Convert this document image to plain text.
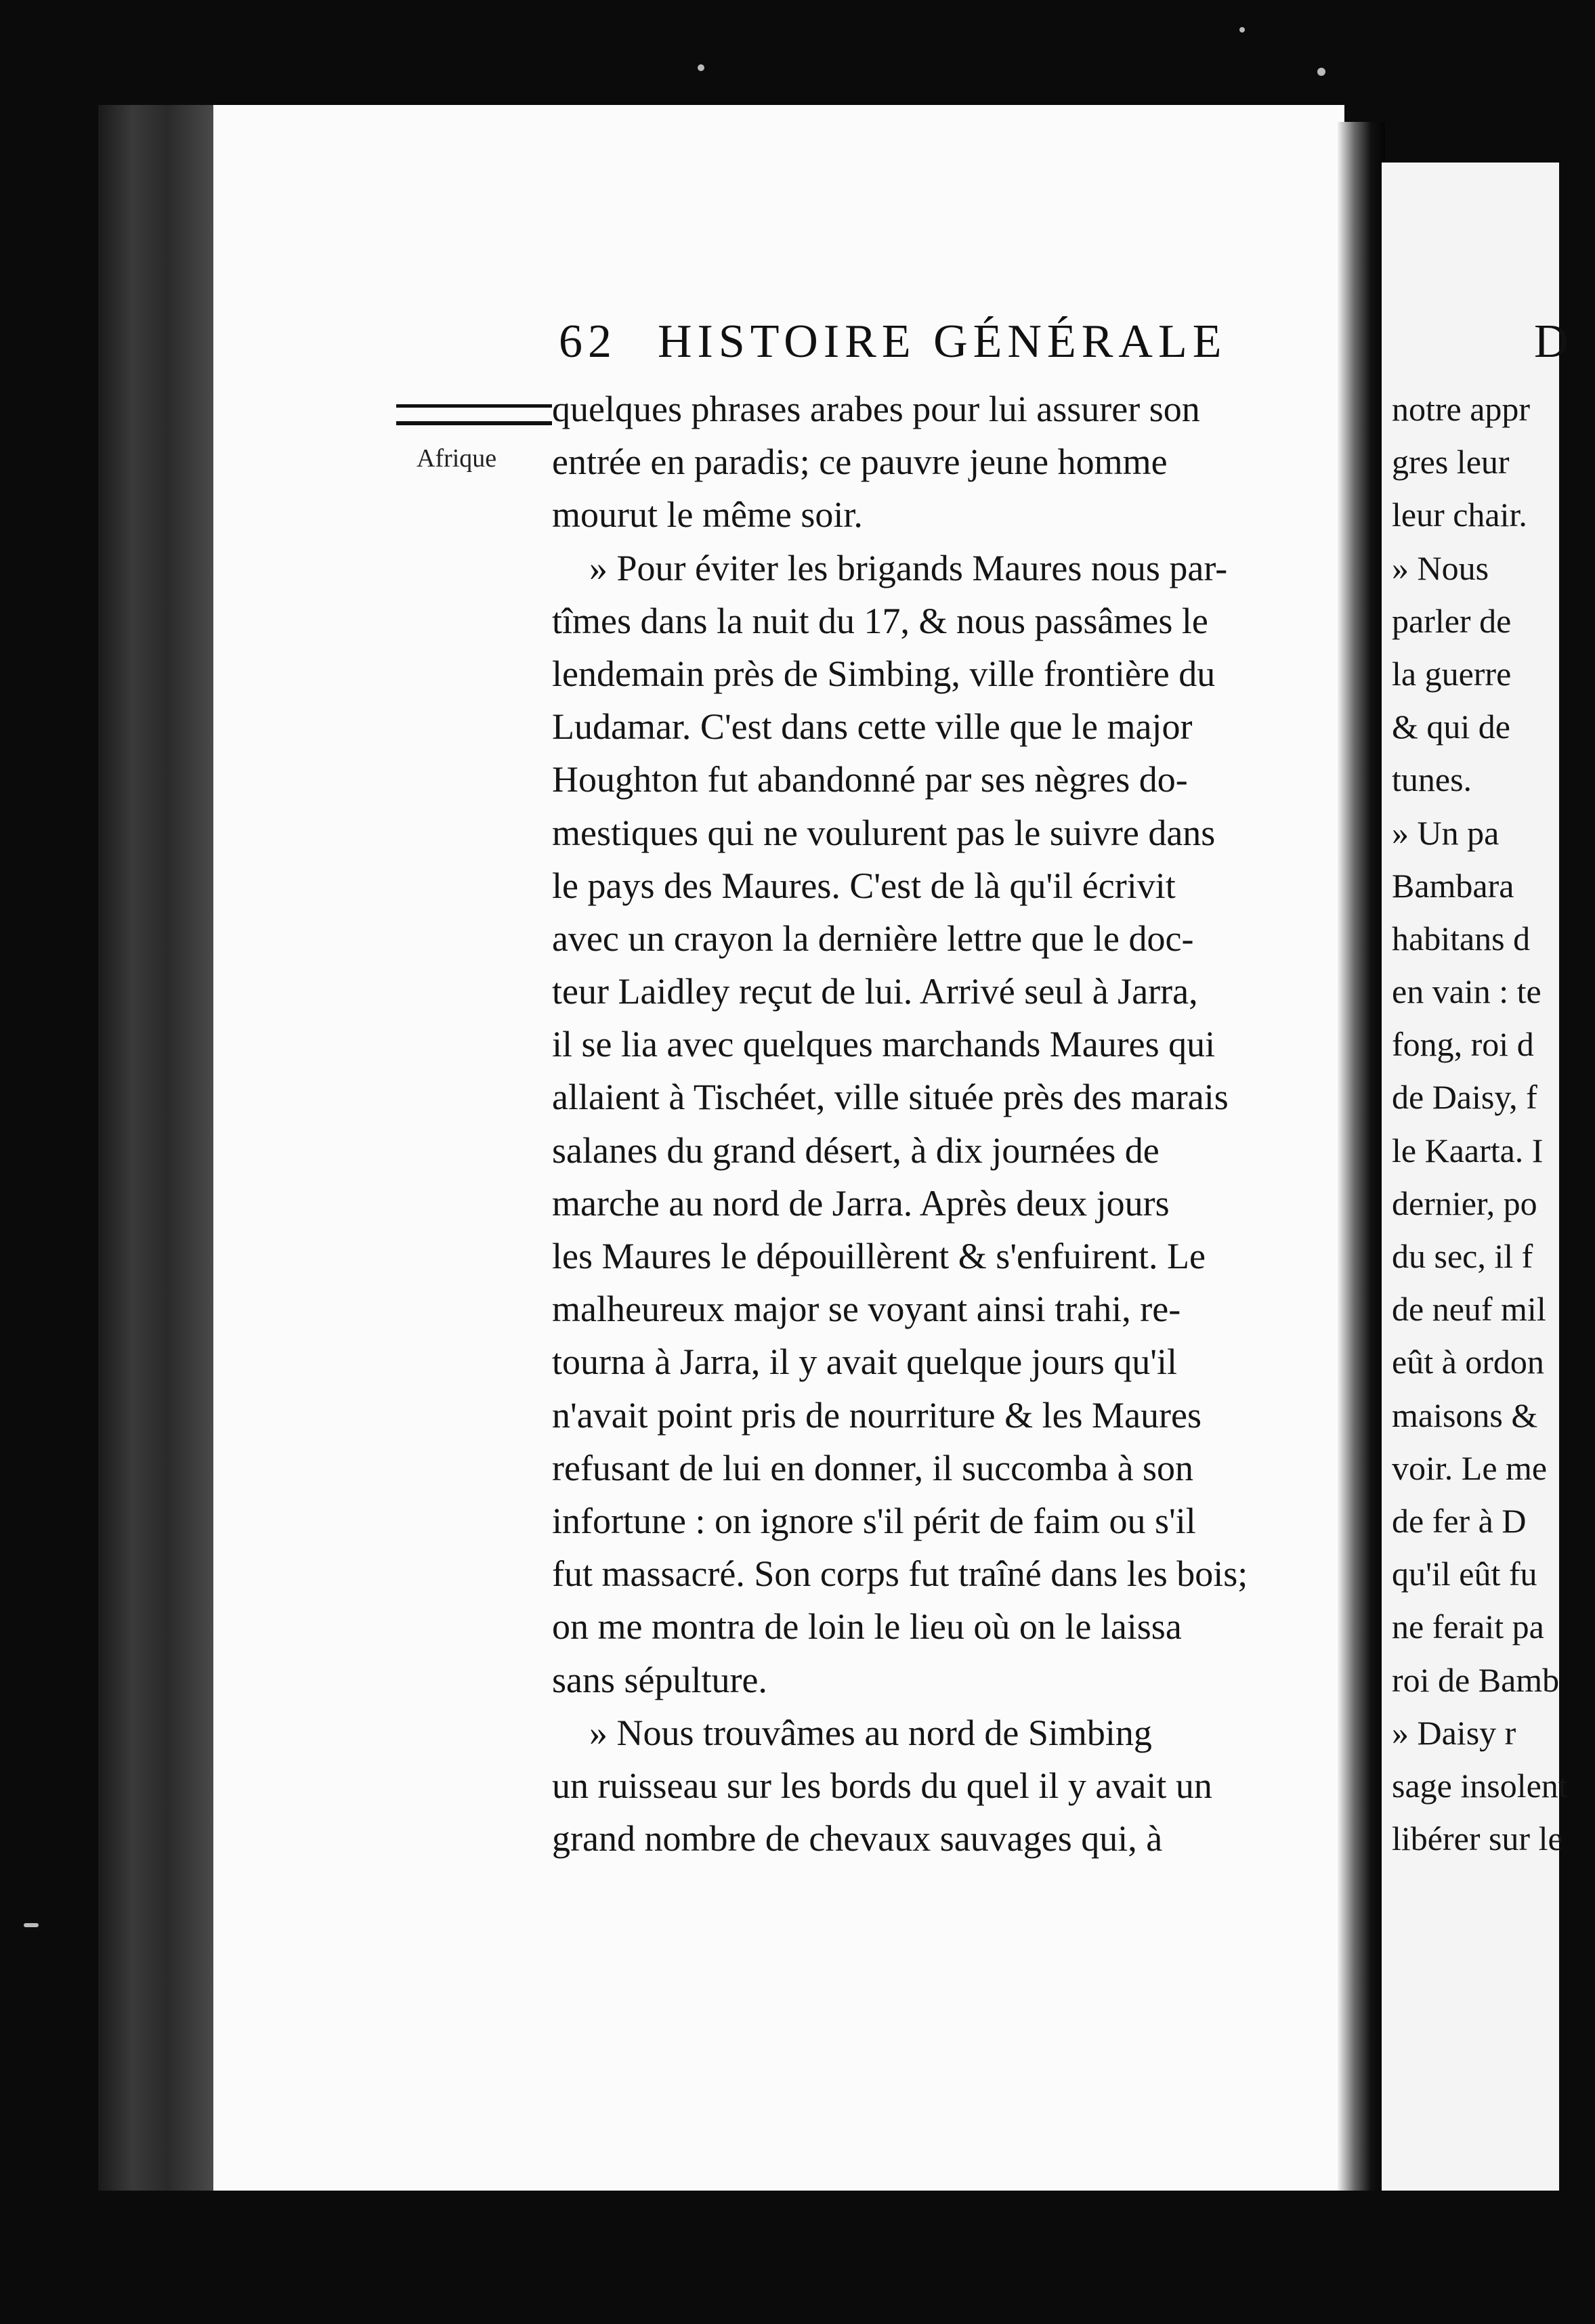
62 HISTOIRE GÉNÉRALE
Afrique
quelques phrases arabes pour lui assurer son
entrée en paradis; ce pauvre jeune homme
mourut le même soir.
» Pour éviter les brigands Maures nous par-
tîmes dans la nuit du 17, & nous passâmes le
lendemain près de Simbing, ville frontière du
Ludamar. C'est dans cette ville que le major
Houghton fut abandonné par ses nègres do-
mestiques qui ne voulurent pas le suivre dans
le pays des Maures. C'est de là qu'il écrivit
avec un crayon la dernière lettre que le doc-
teur Laidley reçut de lui. Arrivé seul à Jarra,
il se lia avec quelques marchands Maures qui
allaient à Tischéet, ville située près des marais
salanes du grand désert, à dix journées de
marche au nord de Jarra. Après deux jours
les Maures le dépouillèrent & s'enfuirent. Le
malheureux major se voyant ainsi trahi, re-
tourna à Jarra, il y avait quelque jours qu'il
n'avait point pris de nourriture & les Maures
refusant de lui en donner, il succomba à son
infortune : on ignore s'il périt de faim ou s'il
fut massacré. Son corps fut traîné dans les bois;
on me montra de loin le lieu où on le laissa
sans sépulture.
» Nous trouvâmes au nord de Simbing
un ruisseau sur les bords du quel il y avait un
grand nombre de chevaux sauvages qui, à
D
notre appr
gres leur
leur chair.
» Nous
parler de
la guerre
& qui de
tunes.
» Un pa
Bambara
habitans d
en vain : te
fong, roi d
de Daisy, f
le Kaarta. I
dernier, po
du sec, il f
de neuf mil
eût à ordon
maisons &
voir. Le me
de fer à D
qu'il eût fu
ne ferait pa
roi de Bamb
» Daisy r
sage insolent
libérer sur le
